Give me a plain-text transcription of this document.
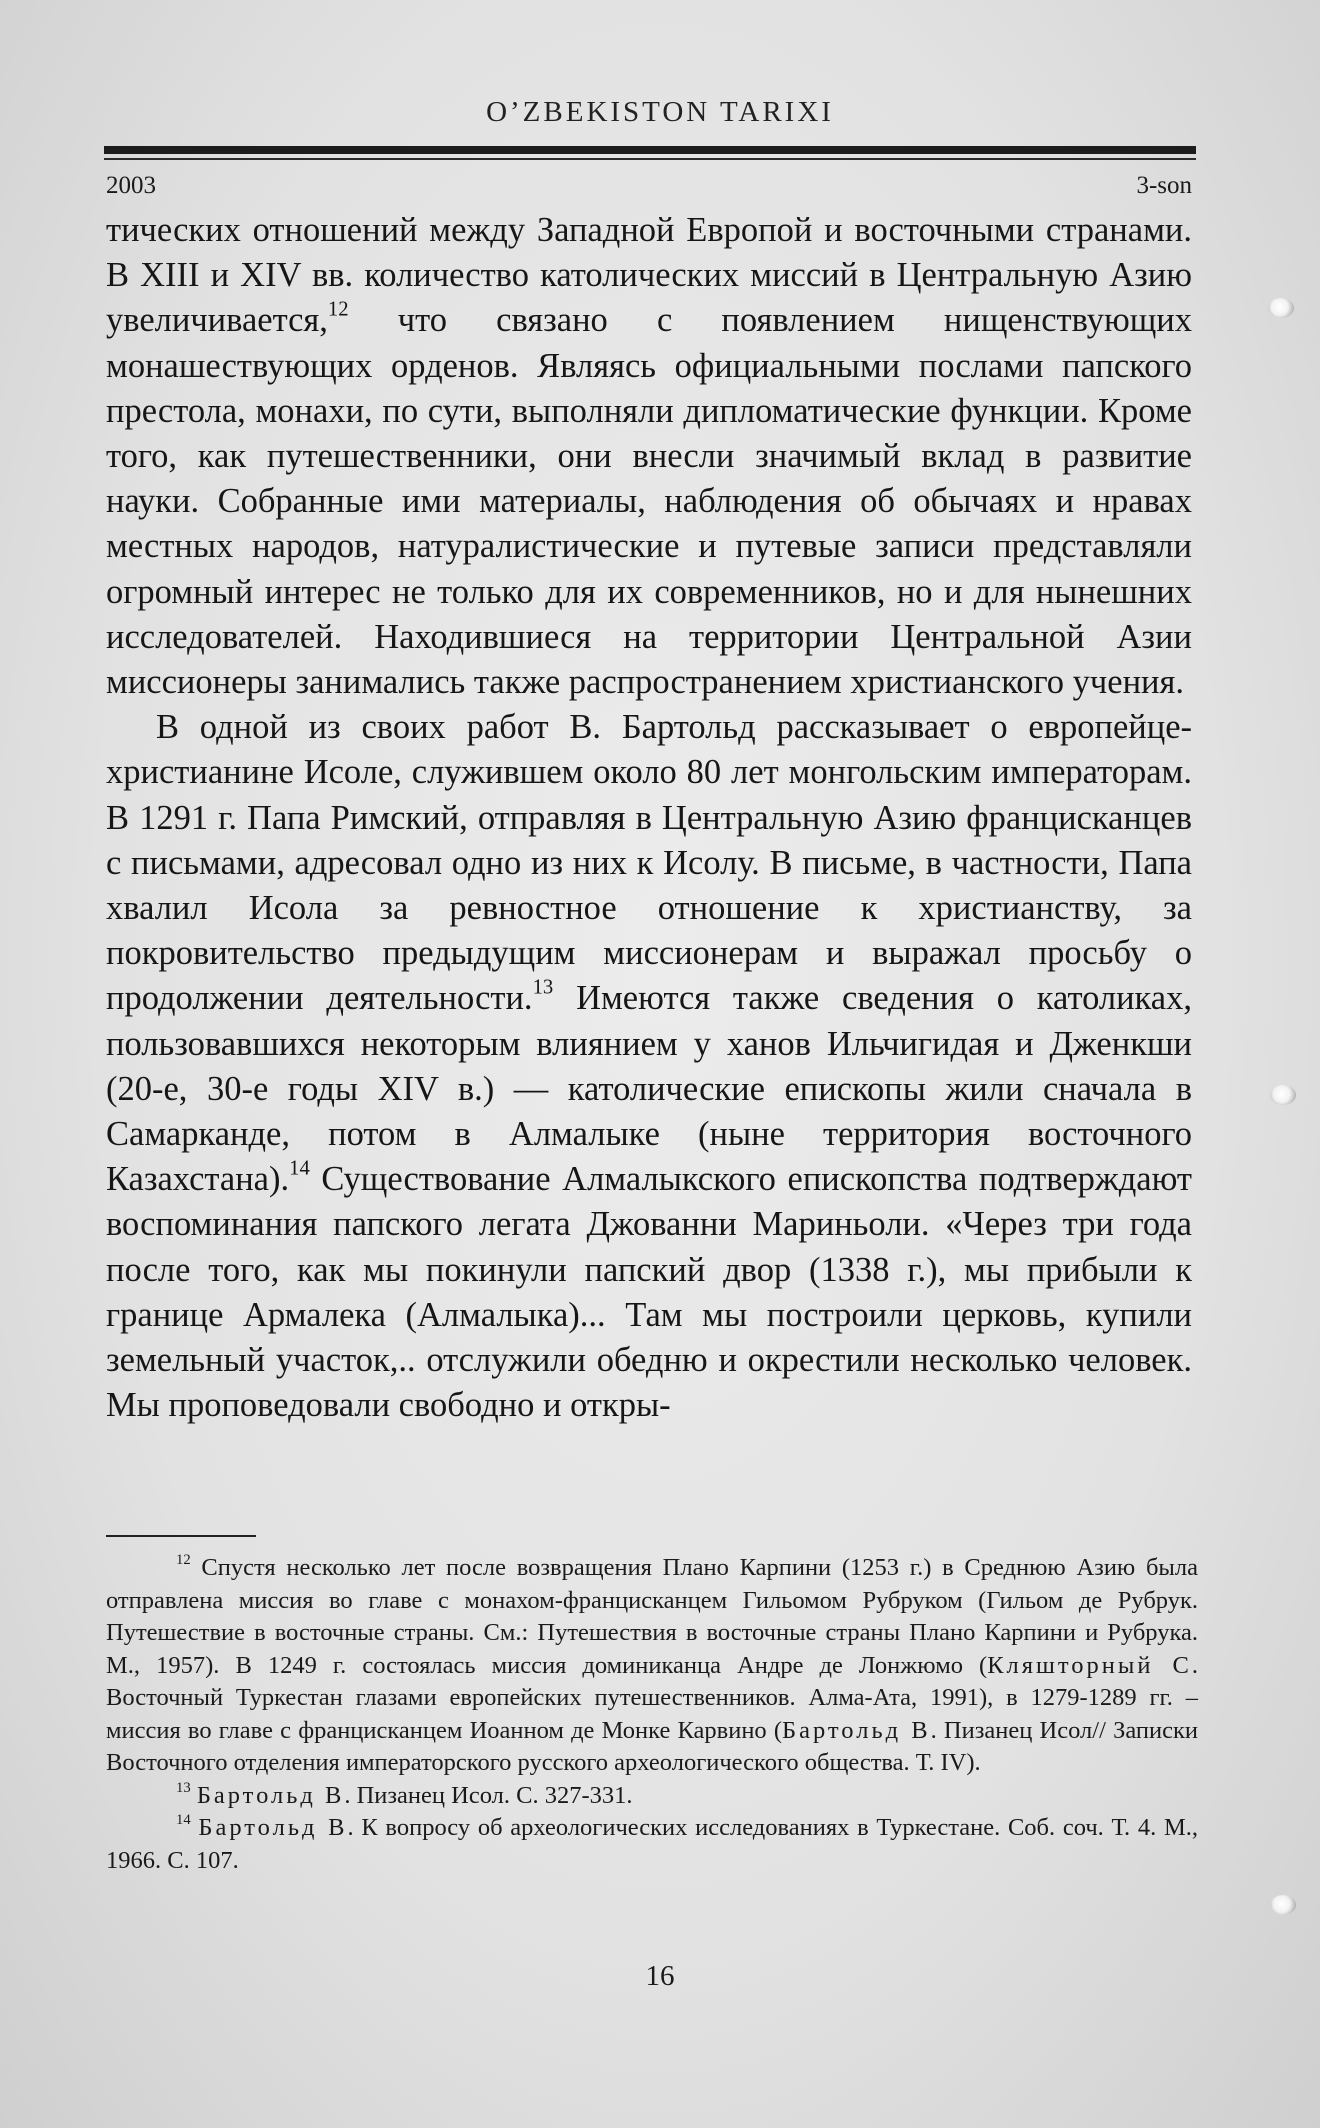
O’ZBEKISTON TARIXI
2003	3-son

тических отношений между Западной Европой и восточными странами. В XIII и XIV вв. количество католических миссий в Центральную Азию увеличивается,$^{12}$ что связано с появлением нищенствующих монашествующих орденов. Являясь официальными послами папского престола, монахи, по сути, выполняли дипломатические функции. Кроме того, как путешественники, они внесли значимый вклад в развитие науки. Собранные ими материалы, наблюдения об обычаях и нравах местных народов, натуралистические и путевые записи представляли огромный интерес не только для их современников, но и для нынешних исследователей. Находившиеся на территории Центральной Азии миссионеры занимались также распространением христианского учения.

В одной из своих работ В. Бартольд рассказывает о европейце-христианине Исоле, служившем около 80 лет монгольским императорам. В 1291 г. Папа Римский, отправляя в Центральную Азию францисканцев с письмами, адресовал одно из них к Исолу. В письме, в частности, Папа хвалил Исола за ревностное отношение к христианству, за покровительство предыдущим миссионерам и выражал просьбу о продолжении деятельности.$^{13}$ Имеются также сведения о католиках, пользовавшихся некоторым влиянием у ханов Ильчигидая и Дженкши (20-е, 30-е годы XIV в.) — католические епископы жили сначала в Самарканде, потом в Алмалыке (ныне территория восточного Казахстана).$^{14}$ Существование Алмалыкского епископства подтверждают воспоминания папского легата Джованни Мариньоли. «Через три года после того, как мы покинули папский двор (1338 г.), мы прибыли к границе Армалека (Алмалыка)... Там мы построили церковь, купили земельный участок,.. отслужили обедню и окрестили несколько человек. Мы проповедовали свободно и откры-

$^{12}$ Спустя несколько лет после возвращения Плано Карпини (1253 г.) в Среднюю Азию была отправлена миссия во главе с монахом-францисканцем Гильомом Рубруком (Гильом де Рубрук. Путешествие в восточные страны. См.: Путешествия в восточные страны Плано Карпини и Рубрука. М., 1957). В 1249 г. состоялась миссия доминиканца Андре де Лонжюмо (Кляшторный С. Восточный Туркестан глазами европейских путешественников. Алма-Ата, 1991), в 1279-1289 гг. – миссия во главе с францисканцем Иоанном де Монке Карвино (Бартольд В. Пизанец Исол// Записки Восточного отделения императорского русского археологического общества. Т. IV).

$^{13}$ Бартольд В. Пизанец Исол. С. 327-331.

$^{14}$ Бартольд В. К вопросу об археологических исследованиях в Туркестане. Соб. соч. Т. 4. М., 1966. С. 107.

16
